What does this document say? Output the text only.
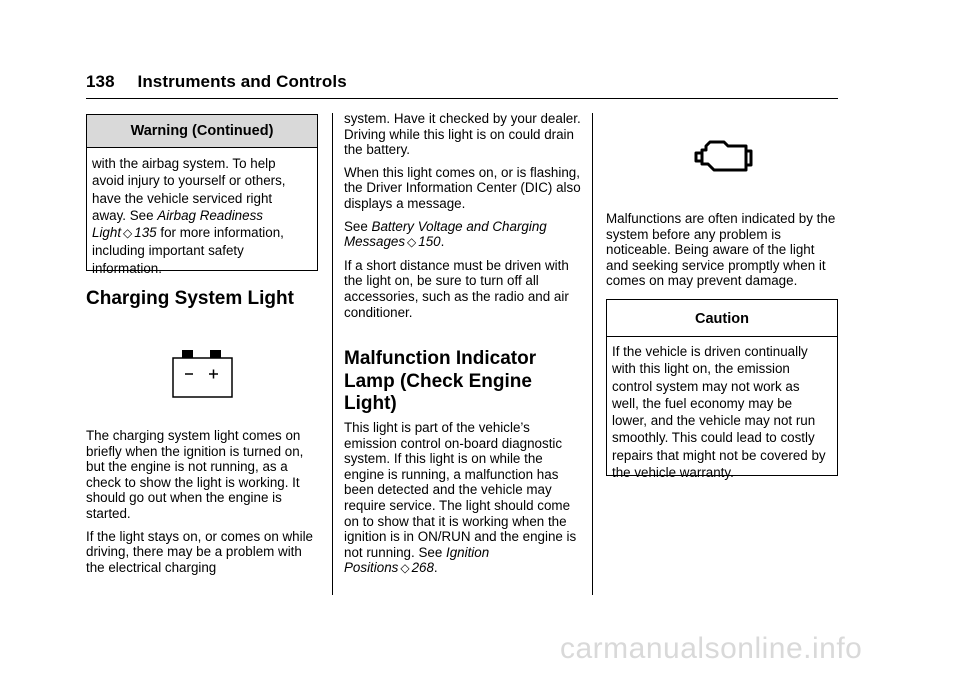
138 Instruments and Controls
Warning (Continued)
with the airbag system. To help avoid injury to yourself or others, have the vehicle serviced right away. See Airbag Readiness Light ◇ 135 for more information, including important safety information.
Charging System Light

The charging system light comes on briefly when the ignition is turned on, but the engine is not running, as a check to show the light is working. It should go out when the engine is started.

If the light stays on, or comes on while driving, there may be a problem with the electrical charging

system. Have it checked by your dealer. Driving while this light is on could drain the battery.

When this light comes on, or is flashing, the Driver Information Center (DIC) also displays a message.

See Battery Voltage and Charging Messages ◇ 150.

If a short distance must be driven with the light on, be sure to turn off all accessories, such as the radio and air conditioner.

Malfunction Indicator Lamp (Check Engine Light)

This light is part of the vehicle’s emission control on-board diagnostic system. If this light is on while the engine is running, a malfunction has been detected and the vehicle may require service. The light should come on to show that it is working when the ignition is in ON/RUN and the engine is not running. See Ignition Positions ◇ 268.

Malfunctions are often indicated by the system before any problem is noticeable. Being aware of the light and seeking service promptly when it comes on may prevent damage.

Caution
If the vehicle is driven continually with this light on, the emission control system may not work as well, the fuel economy may be lower, and the vehicle may not run smoothly. This could lead to costly repairs that might not be covered by the vehicle warranty.
carmanualsonline.info
